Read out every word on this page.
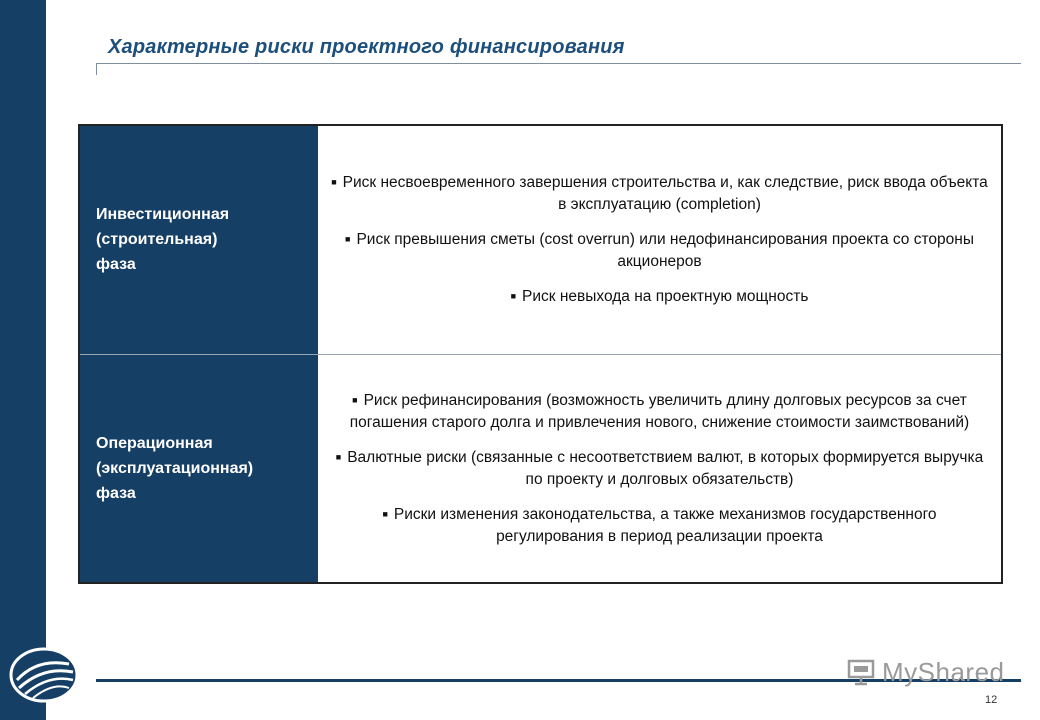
Характерные риски проектного финансирования
Инвестиционная
(строительная)
фаза
■ Риск несвоевременного завершения строительства и, как следствие, риск ввода объекта в эксплуатацию (completion)
■ Риск превышения сметы (cost overrun) или недофинансирования проекта со стороны акционеров
■ Риск невыхода на проектную мощность
Операционная
(эксплуатационная)
фаза
■ Риск рефинансирования (возможность увеличить длину долговых ресурсов за счет погашения старого долга и привлечения нового, снижение стоимости заимствований)
■ Валютные риски (связанные с несоответствием валют, в которых формируется выручка по проекту и долговых обязательств)
■ Риски изменения законодательства, а также механизмов государственного регулирования в период реализации проекта
MyShared
12
